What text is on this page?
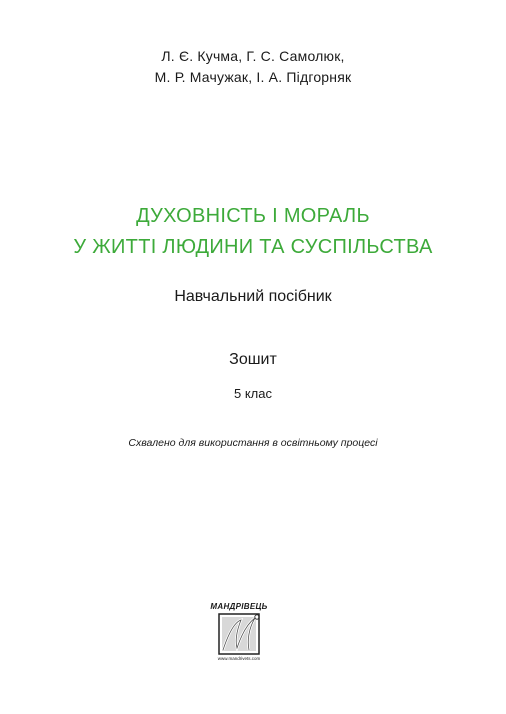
Л. Є. Кучма, Г. С. Самолюк,
М. Р. Мачужак, І. А. Підгорняк
ДУХОВНІСТЬ І МОРАЛЬ
У ЖИТТІ ЛЮДИНИ ТА СУСПІЛЬСТВА
Навчальний посібник
Зошит
5 клас
Схвалено для використання в освітньому процесі
МАНДРІВЕЦЬ
www.mandrivets.com
